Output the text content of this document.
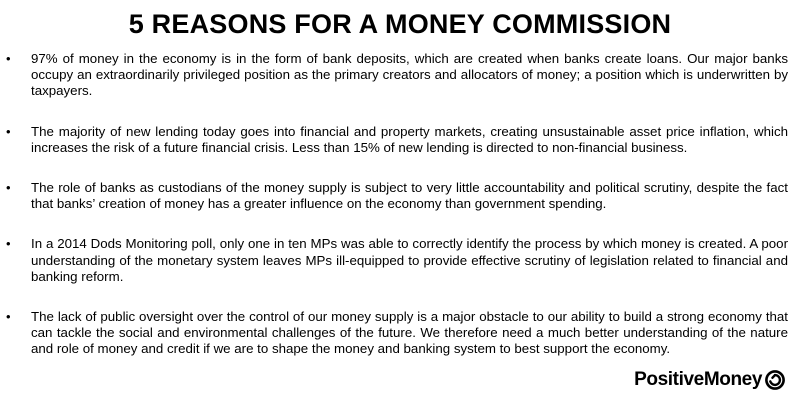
5 REASONS FOR A MONEY COMMISSION
• 97% of money in the economy is in the form of bank deposits, which are created when banks create loans. Our major banks occupy an extraordinarily privileged position as the primary creators and allocators of money; a position which is underwritten by taxpayers.
• The majority of new lending today goes into financial and property markets, creating unsustainable asset price inflation, which increases the risk of a future financial crisis. Less than 15% of new lending is directed to non-financial business.
• The role of banks as custodians of the money supply is subject to very little accountability and political scrutiny, despite the fact that banks’ creation of money has a greater influence on the economy than government spending.
• In a 2014 Dods Monitoring poll, only one in ten MPs was able to correctly identify the process by which money is created. A poor understanding of the monetary system leaves MPs ill-equipped to provide effective scrutiny of legislation related to financial and banking reform.
• The lack of public oversight over the control of our money supply is a major obstacle to our ability to build a strong economy that can tackle the social and environmental challenges of the future. We therefore need a much better understanding of the nature and role of money and credit if we are to shape the money and banking system to best support the economy.
PositiveMoney
